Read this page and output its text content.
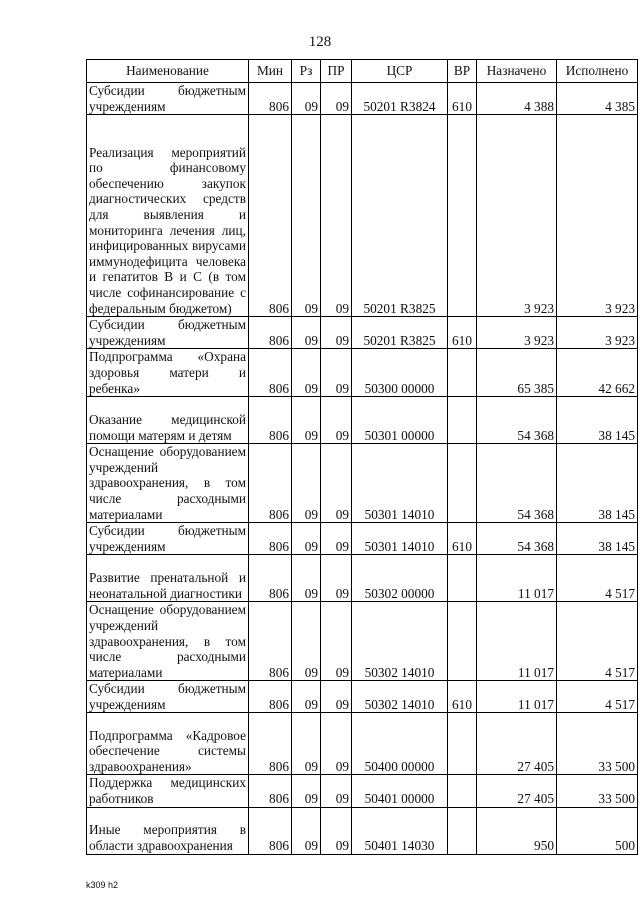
128
Наименование	Мин	Рз	ПР	ЦСР	ВР	Назначено	Исполнено
Субсидии бюджетным учреждениям	806	09	09	50201 R3824	610	4 388	4 385
Реализация мероприятий по финансовому обеспечению закупок диагностических средств для выявления и мониторинга лечения лиц, инфицированных вирусами иммунодефицита человека и гепатитов В и С (в том числе софинансирование с федеральным бюджетом)	806	09	09	50201 R3825		3 923	3 923
Субсидии бюджетным учреждениям	806	09	09	50201 R3825	610	3 923	3 923
Подпрограмма «Охрана здоровья матери и ребенка»	806	09	09	50300 00000		65 385	42 662
Оказание медицинской помощи матерям и детям	806	09	09	50301 00000		54 368	38 145
Оснащение оборудованием учреждений здравоохранения, в том числе расходными материалами	806	09	09	50301 14010		54 368	38 145
Субсидии бюджетным учреждениям	806	09	09	50301 14010	610	54 368	38 145
Развитие пренатальной и неонатальной диагностики	806	09	09	50302 00000		11 017	4 517
Оснащение оборудованием учреждений здравоохранения, в том числе расходными материалами	806	09	09	50302 14010		11 017	4 517
Субсидии бюджетным учреждениям	806	09	09	50302 14010	610	11 017	4 517
Подпрограмма «Кадровое обеспечение системы здравоохранения»	806	09	09	50400 00000		27 405	33 500
Поддержка медицинских работников	806	09	09	50401 00000		27 405	33 500
Иные мероприятия в области здравоохранения	806	09	09	50401 14030		950	500
k309 h2
